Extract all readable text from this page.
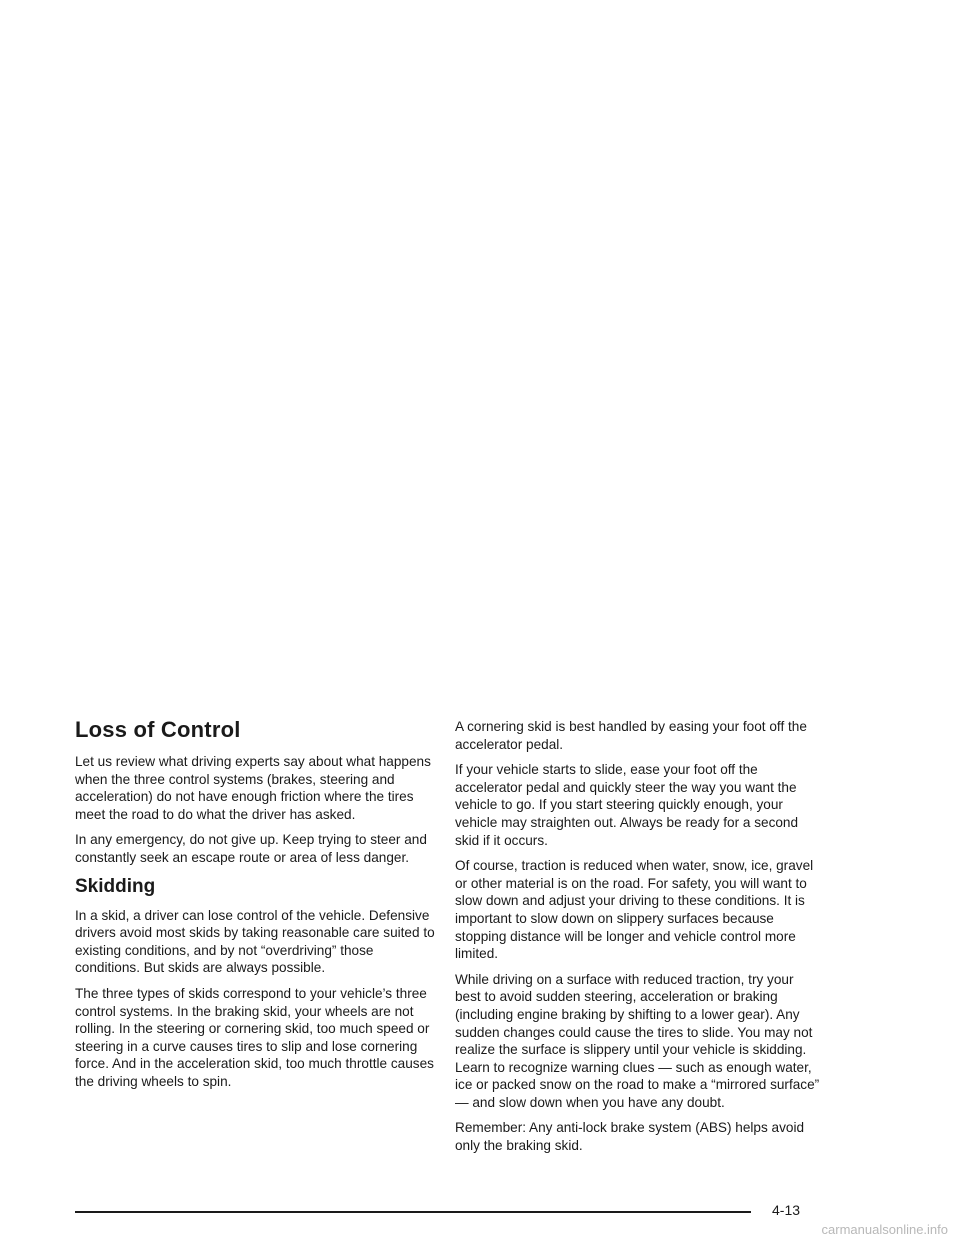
Loss of Control

Let us review what driving experts say about what happens when the three control systems (brakes, steering and acceleration) do not have enough friction where the tires meet the road to do what the driver has asked.

In any emergency, do not give up. Keep trying to steer and constantly seek an escape route or area of less danger.

Skidding

In a skid, a driver can lose control of the vehicle. Defensive drivers avoid most skids by taking reasonable care suited to existing conditions, and by not “overdriving” those conditions. But skids are always possible.

The three types of skids correspond to your vehicle’s three control systems. In the braking skid, your wheels are not rolling. In the steering or cornering skid, too much speed or steering in a curve causes tires to slip and lose cornering force. And in the acceleration skid, too much throttle causes the driving wheels to spin.

A cornering skid is best handled by easing your foot off the accelerator pedal.

If your vehicle starts to slide, ease your foot off the accelerator pedal and quickly steer the way you want the vehicle to go. If you start steering quickly enough, your vehicle may straighten out. Always be ready for a second skid if it occurs.

Of course, traction is reduced when water, snow, ice, gravel or other material is on the road. For safety, you will want to slow down and adjust your driving to these conditions. It is important to slow down on slippery surfaces because stopping distance will be longer and vehicle control more limited.

While driving on a surface with reduced traction, try your best to avoid sudden steering, acceleration or braking (including engine braking by shifting to a lower gear). Any sudden changes could cause the tires to slide. You may not realize the surface is slippery until your vehicle is skidding. Learn to recognize warning clues — such as enough water, ice or packed snow on the road to make a “mirrored surface” — and slow down when you have any doubt.

Remember: Any anti-lock brake system (ABS) helps avoid only the braking skid.

4-13
carmanualsonline.info
